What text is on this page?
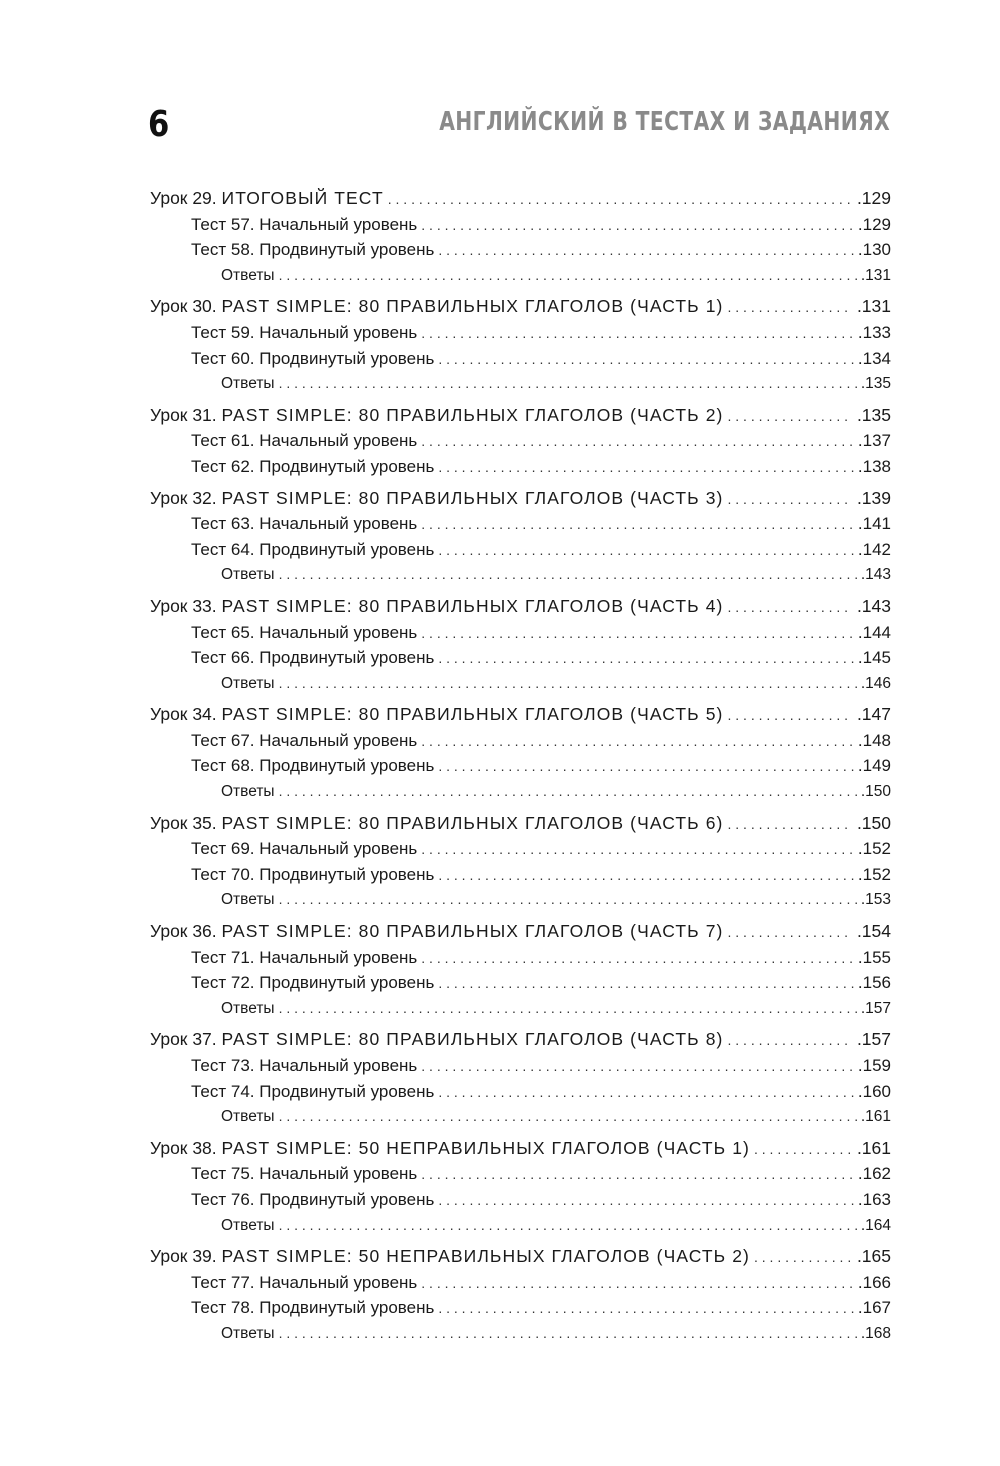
6	АНГЛИЙСКИЙ В ТЕСТАХ И ЗАДАНИЯХ
Урок 29. ИТОГОВЫЙ ТЕСТ . . .	.129
Тест 57. Начальный уровень . . .	.129
Тест 58. Продвинутый уровень . . .	.130
Ответы . . .	.131
Урок 30. PAST SIMPLE: 80 ПРАВИЛЬНЫХ ГЛАГОЛОВ (ЧАСТЬ 1) . . .	.131
Тест 59. Начальный уровень . . .	.133
Тест 60. Продвинутый уровень . . .	.134
Ответы . . .	.135
Урок 31. PAST SIMPLE: 80 ПРАВИЛЬНЫХ ГЛАГОЛОВ (ЧАСТЬ 2) . . .	.135
Тест 61. Начальный уровень . . .	.137
Тест 62. Продвинутый уровень . . .	.138
Урок 32. PAST SIMPLE: 80 ПРАВИЛЬНЫХ ГЛАГОЛОВ (ЧАСТЬ 3) . . .	.139
Тест 63. Начальный уровень . . .	.141
Тест 64. Продвинутый уровень . . .	.142
Ответы . . .	.143
Урок 33. PAST SIMPLE: 80 ПРАВИЛЬНЫХ ГЛАГОЛОВ (ЧАСТЬ 4) . . .	.143
Тест 65. Начальный уровень . . .	.144
Тест 66. Продвинутый уровень . . .	.145
Ответы . . .	.146
Урок 34. PAST SIMPLE: 80 ПРАВИЛЬНЫХ ГЛАГОЛОВ (ЧАСТЬ 5) . . .	.147
Тест 67. Начальный уровень . . .	.148
Тест 68. Продвинутый уровень . . .	.149
Ответы . . .	.150
Урок 35. PAST SIMPLE: 80 ПРАВИЛЬНЫХ ГЛАГОЛОВ (ЧАСТЬ 6) . . .	.150
Тест 69. Начальный уровень . . .	.152
Тест 70. Продвинутый уровень . . .	.152
Ответы . . .	.153
Урок 36. PAST SIMPLE: 80 ПРАВИЛЬНЫХ ГЛАГОЛОВ (ЧАСТЬ 7) . . .	.154
Тест 71. Начальный уровень . . .	.155
Тест 72. Продвинутый уровень . . .	.156
Ответы . . .	.157
Урок 37. PAST SIMPLE: 80 ПРАВИЛЬНЫХ ГЛАГОЛОВ (ЧАСТЬ 8) . . .	.157
Тест 73. Начальный уровень . . .	.159
Тест 74. Продвинутый уровень . . .	.160
Ответы . . .	.161
Урок 38. PAST SIMPLE: 50 НЕПРАВИЛЬНЫХ ГЛАГОЛОВ (ЧАСТЬ 1) . . .	.161
Тест 75. Начальный уровень . . .	.162
Тест 76. Продвинутый уровень . . .	.163
Ответы . . .	.164
Урок 39. PAST SIMPLE: 50 НЕПРАВИЛЬНЫХ ГЛАГОЛОВ (ЧАСТЬ 2) . . .	.165
Тест 77. Начальный уровень . . .	.166
Тест 78. Продвинутый уровень . . .	.167
Ответы . . .	.168
